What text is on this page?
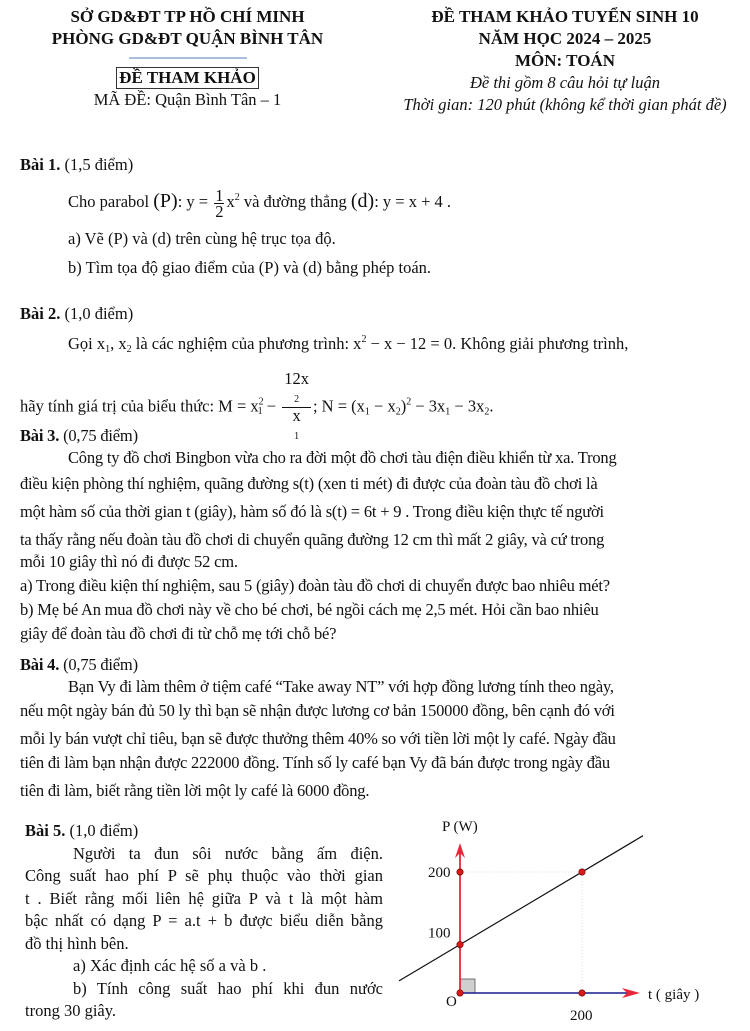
SỞ GD&ĐT TP HỒ CHÍ MINH
PHÒNG GD&ĐT QUẬN BÌNH TÂN
ĐỀ THAM KHẢO
MÃ ĐỀ: Quận Bình Tân – 1
ĐỀ THAM KHẢO TUYỂN SINH 10
NĂM HỌC 2024 – 2025
MÔN: TOÁN
Đề thi gồm 8 câu hỏi tự luận
Thời gian: 120 phút (không kể thời gian phát đề)
Bài 1. (1,5 điểm)
Cho parabol (P): $y = \frac{1}{2} x^2$ và đường thẳng (d): y = x + 4 .
a) Vẽ (P) và (d) trên cùng hệ trục tọa độ.
b) Tìm tọa độ giao điểm của (P) và (d) bằng phép toán.
Bài 2. (1,0 điểm)
Gọi $x_1$, $x_2$ là các nghiệm của phương trình: $x^2 - x - 12 = 0$. Không giải phương trình,
hãy tính giá trị của biểu thức: $M = x^2_1 - 12x$
$_2$
x
$_1$ ; $N = (x_1 - x_2)^2 - 3x_1 - 3x_2$.
Bài 3. (0,75 điểm)
Công ty đồ chơi Bingbon vừa cho ra đời một đồ chơi tàu điện điều khiển từ xa. Trong
điều kiện phòng thí nghiệm, quãng đường s(t) (xen ti mét) đi được của đoàn tàu đồ chơi là
một hàm số của thời gian t (giây), hàm số đó là s(t) = 6t + 9 . Trong điều kiện thực tế người
ta thấy rằng nếu đoàn tàu đồ chơi di chuyển quãng đường 12 cm thì mất 2 giây, và cứ trong
mỗi 10 giây thì nó đi được 52 cm.
a) Trong điều kiện thí nghiệm, sau 5 (giây) đoàn tàu đồ chơi di chuyển được bao nhiêu mét?
b) Mẹ bé An mua đồ chơi này về cho bé chơi, bé ngồi cách mẹ 2,5 mét. Hỏi cần bao nhiêu
giây để đoàn tàu đồ chơi đi từ chỗ mẹ tới chỗ bé?
Bài 4. (0,75 điểm)
Bạn Vy đi làm thêm ở tiệm café “Take away NT” với hợp đồng lương tính theo ngày,
nếu một ngày bán đủ 50 ly thì bạn sẽ nhận được lương cơ bản 150000 đồng, bên cạnh đó với
mỗi ly bán vượt chỉ tiêu, bạn sẽ được thưởng thêm 40% so với tiền lời một ly café. Ngày đầu
tiên đi làm bạn nhận được 222000 đồng. Tính số ly café bạn Vy đã bán được trong ngày đầu
tiên đi làm, biết rằng tiền lời một ly café là 6000 đồng.
Bài 5. (1,0 điểm)
Người ta đun sôi nước bằng ấm điện.
Công suất hao phí P sẽ phụ thuộc vào thời gian
t . Biết rằng mối liên hệ giữa P và t là một hàm
bậc nhất có dạng P = a.t + b được biểu diễn bằng
đồ thị hình bên.
a) Xác định các hệ số a và b .
b) Tính công suất hao phí khi đun nước
trong 30 giây.
P (W)
t ( giây )
O
200
100
200
